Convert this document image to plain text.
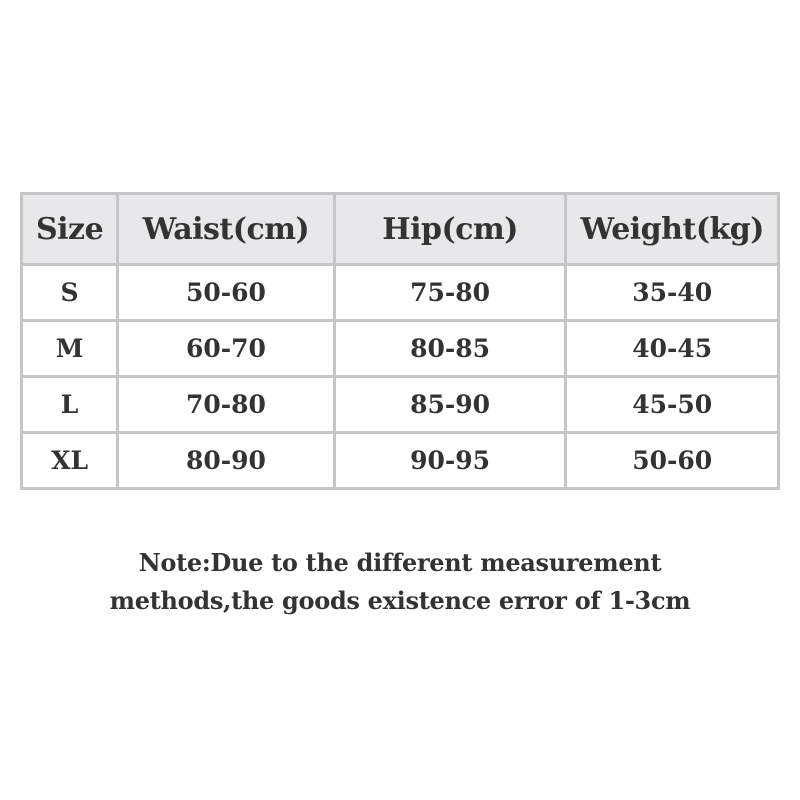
Size	Waist(cm)	Hip(cm)	Weight(kg)
S	50-60	75-80	35-40
M	60-70	80-85	40-45
L	70-80	85-90	45-50
XL	80-90	90-95	50-60
Note:Due to the different measurement
methods,the goods existence error of 1-3cm
